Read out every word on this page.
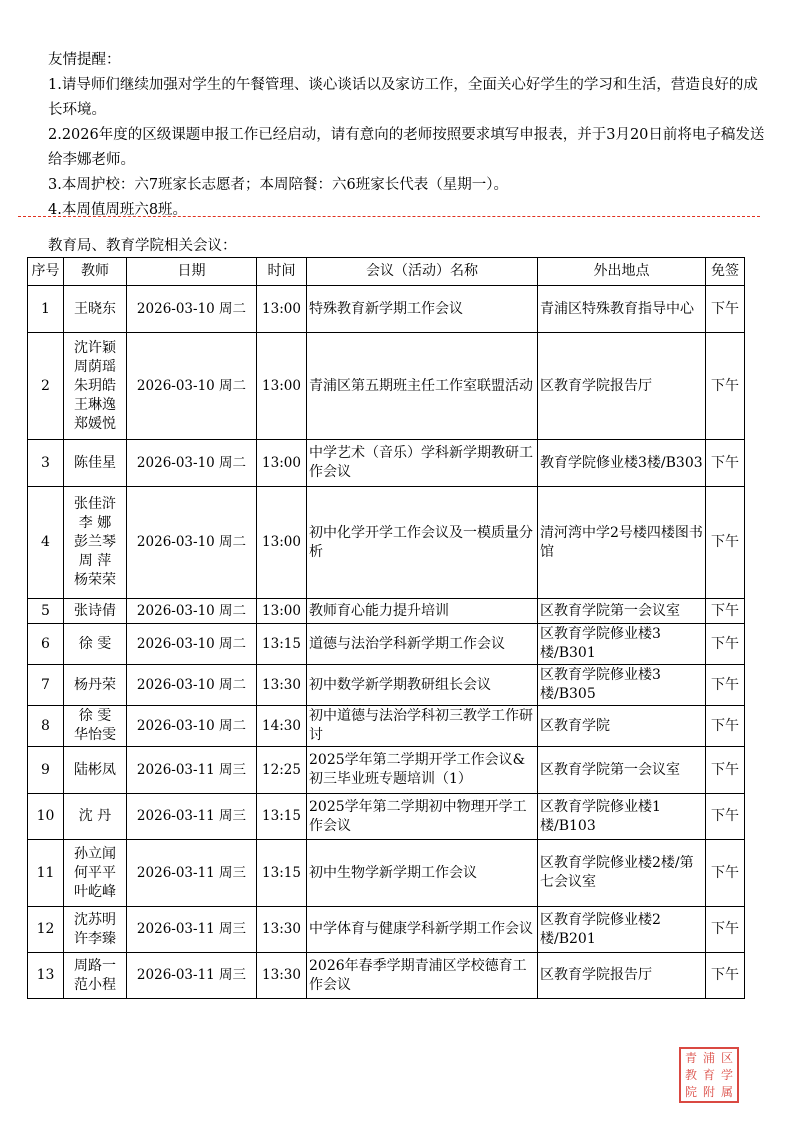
友情提醒：

1.请导师们继续加强对学生的午餐管理、谈心谈话以及家访工作，全面关心好学生的学习和生活，营造良好的成长环境。

2.2026年度的区级课题申报工作已经启动，请有意向的老师按照要求填写申报表，并于3月20日前将电子稿发送给李娜老师。

3.本周护校：六7班家长志愿者；本周陪餐：六6班家长代表（星期一）。

4.本周值周班六8班。

教育局、教育学院相关会议：
序号	教师	日期	时间	会议（活动）名称	外出地点	免签
1	王晓东	2026-03-10 周二	13:00	特殊教育新学期工作会议	青浦区特殊教育指导中心	下午
2	沈许颖
周荫瑶
朱玥皓
王琳逸
郑媛悦	2026-03-10 周二	13:00	青浦区第五期班主任工作室联盟活动	区教育学院报告厅	下午
3	陈佳星	2026-03-10 周二	13:00	中学艺术（音乐）学科新学期教研工作会议	教育学院修业楼3楼/B303	下午
4	张佳浒
李 娜
彭兰琴
周 萍
杨荣荣	2026-03-10 周二	13:00	初中化学开学工作会议及一模质量分析	清河湾中学2号楼四楼图书馆	下午
5	张诗倩	2026-03-10 周二	13:00	教师育心能力提升培训	区教育学院第一会议室	下午
6	徐 雯	2026-03-10 周二	13:15	道德与法治学科新学期工作会议	区教育学院修业楼3楼/B301	下午
7	杨丹荣	2026-03-10 周二	13:30	初中数学新学期教研组长会议	区教育学院修业楼3楼/B305	下午
8	徐 雯
华怡雯	2026-03-10 周二	14:30	初中道德与法治学科初三教学工作研讨	区教育学院	下午
9	陆彬凤	2026-03-11 周三	12:25	2025学年第二学期开学工作会议&初三毕业班专题培训（1）	区教育学院第一会议室	下午
10	沈 丹	2026-03-11 周三	13:15	2025学年第二学期初中物理开学工作会议	区教育学院修业楼1楼/B103	下午
11	孙立闻
何平平
叶屹峰	2026-03-11 周三	13:15	初中生物学新学期工作会议	区教育学院修业楼2楼/第七会议室	下午
12	沈苏明
许李臻	2026-03-11 周三	13:30	中学体育与健康学科新学期工作会议	区教育学院修业楼2楼/B201	下午
13	周路一
范小程	2026-03-11 周三	13:30	2026年春季学期青浦区学校德育工作会议	区教育学院报告厅	下午
青 浦 区
教 育 学
院 附 属
